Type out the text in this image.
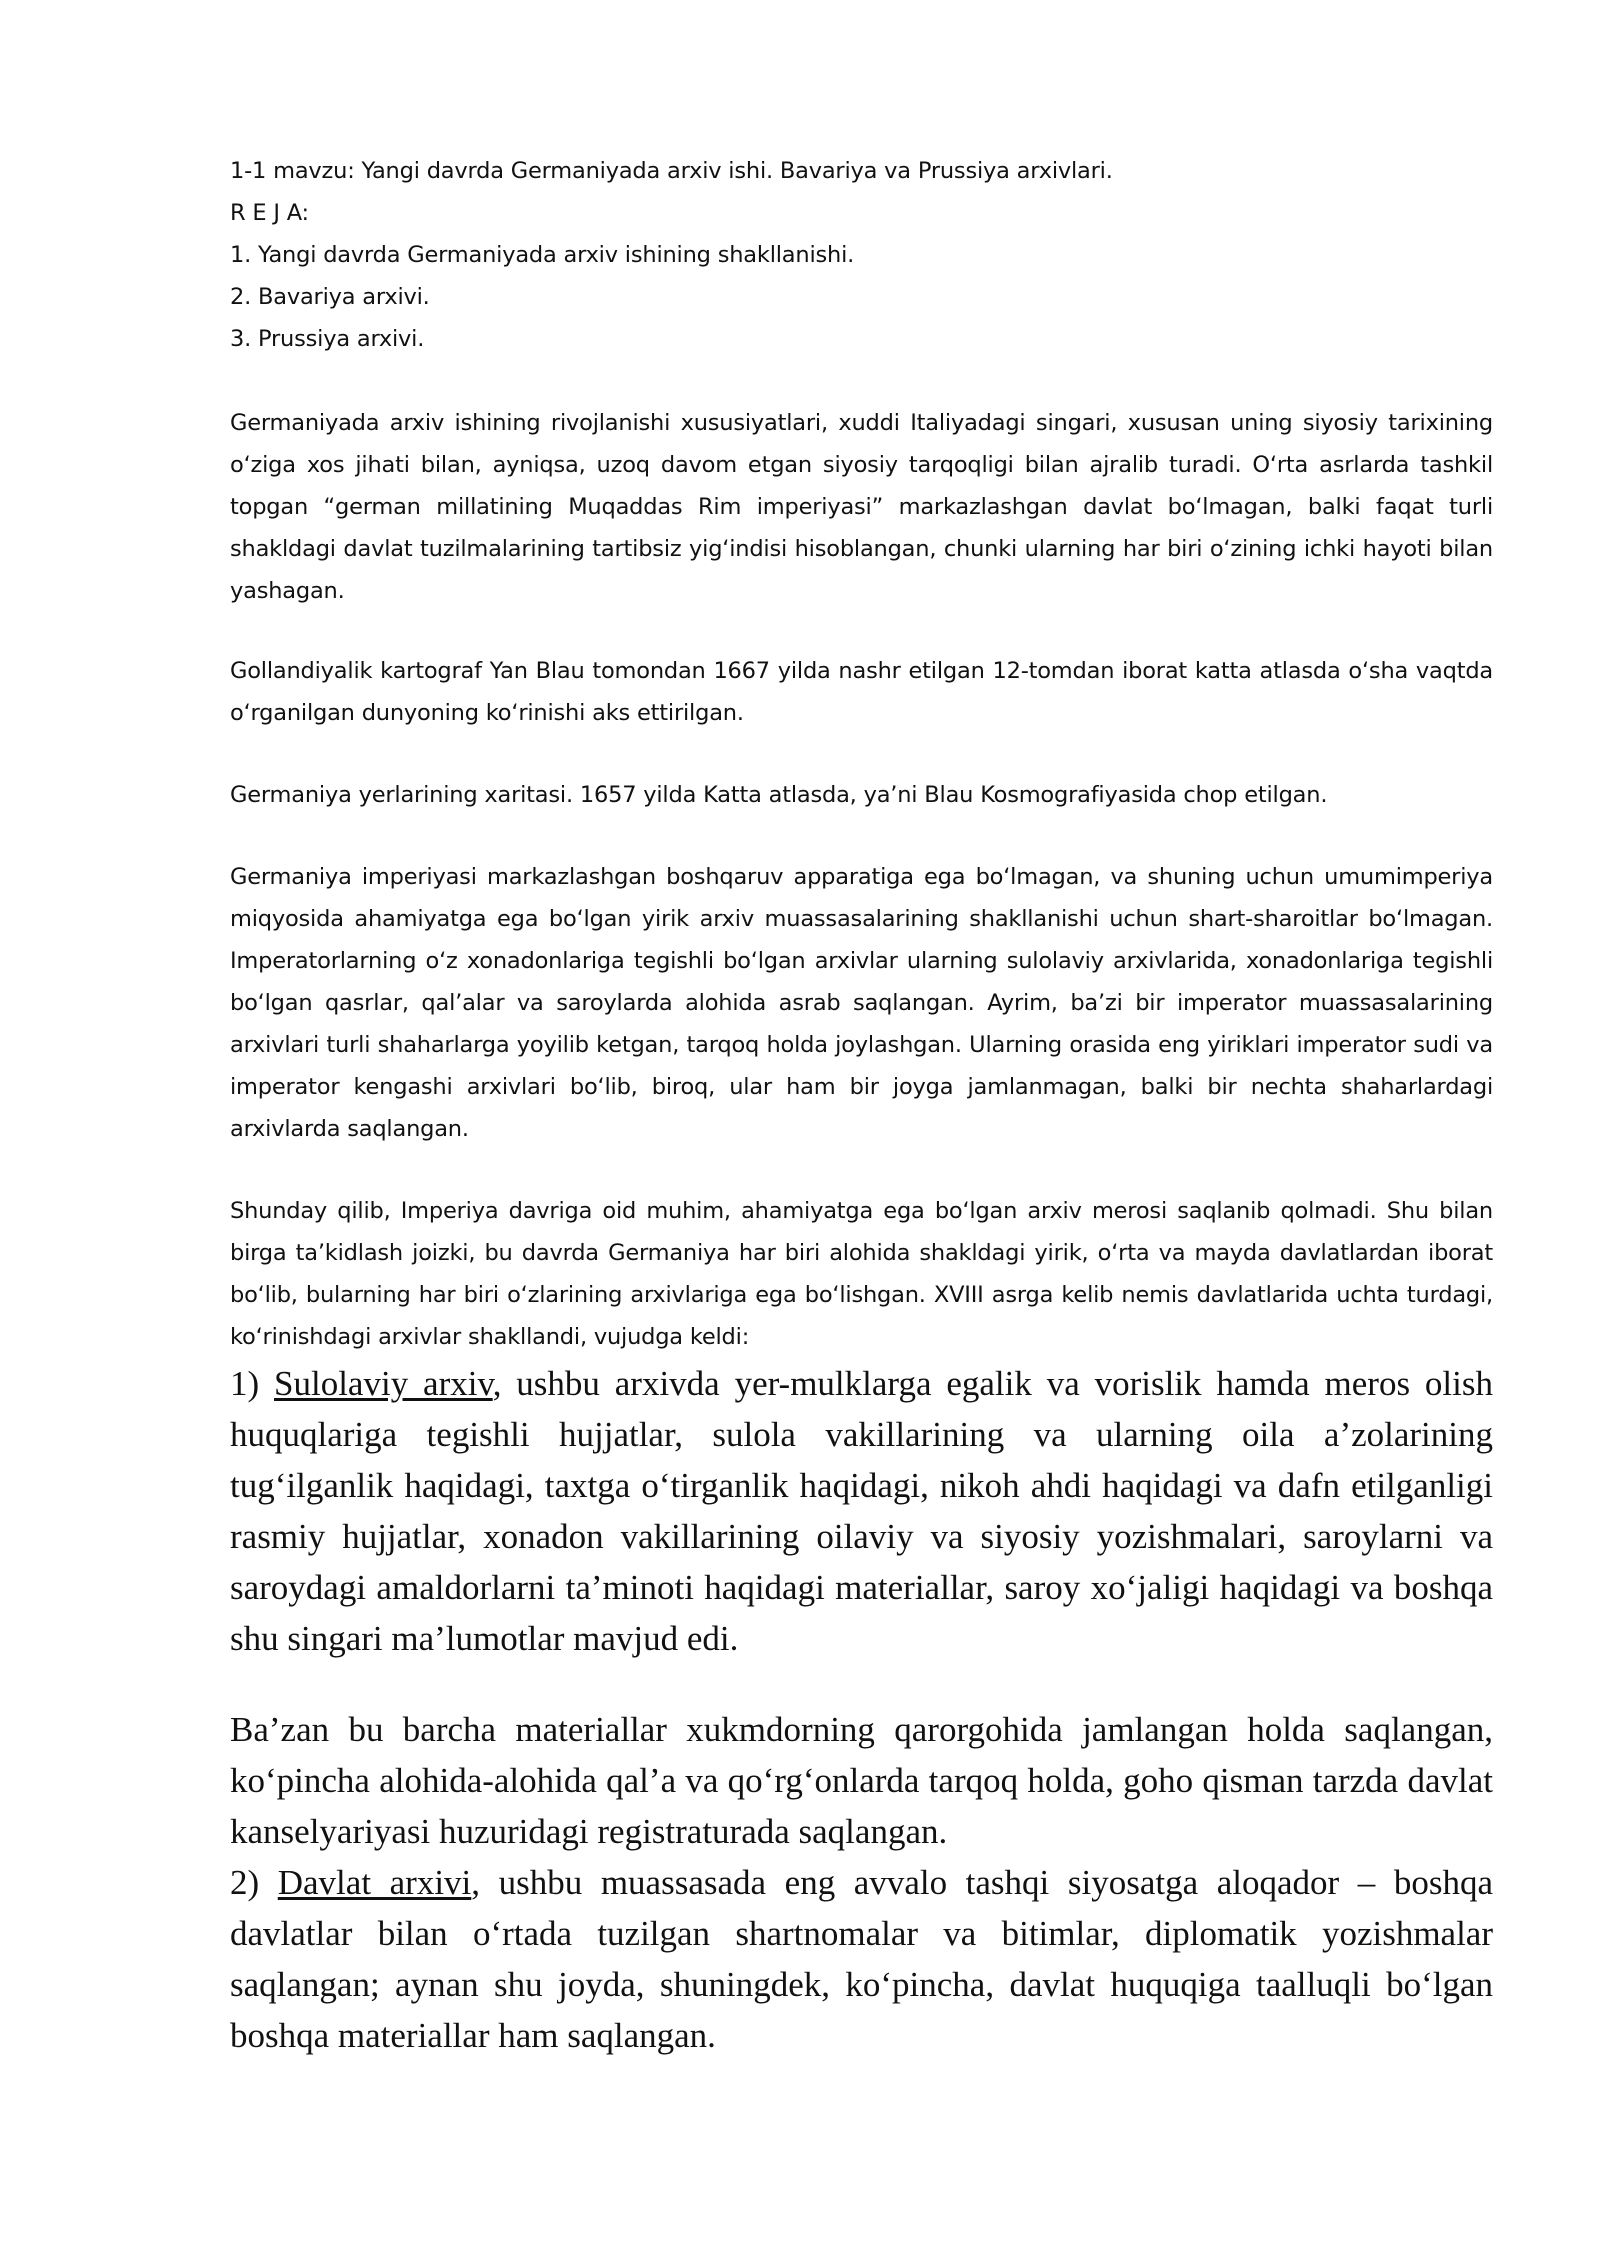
1-1 mavzu: Yangi davrda Germaniyada arxiv ishi. Bavariya va Prussiya arxivlari.

R E J A:

1. Yangi davrda Germaniyada arxiv ishining shakllanishi.

2. Bavariya arxivi.

3. Prussiya arxivi.

Germaniyada arxiv ishining rivojlanishi xususiyatlari, xuddi Italiyadagi singari, xususan uning siyosiy tarixining o‘ziga xos jihati bilan, ayniqsa, uzoq davom etgan siyosiy tarqoqligi bilan ajralib turadi. O‘rta asrlarda tashkil topgan “german millatining Muqaddas Rim imperiyasi” markazlashgan davlat bo‘lmagan, balki faqat turli shakldagi davlat tuzilmalarining tartibsiz yig‘indisi hisoblangan, chunki ularning har biri o‘zining ichki hayoti bilan yashagan.

Gollandiyalik kartograf Yan Blau tomondan 1667 yilda nashr etilgan 12-tomdan iborat katta atlasda o‘sha vaqtda o‘rganilgan dunyoning ko‘rinishi aks ettirilgan.

Germaniya yerlarining xaritasi. 1657 yilda Katta atlasda, ya’ni Blau Kosmografiyasida chop etilgan.

Germaniya imperiyasi markazlashgan boshqaruv apparatiga ega bo‘lmagan, va shuning uchun umumimperiya miqyosida ahamiyatga ega bo‘lgan yirik arxiv muassasalarining shakllanishi uchun shart-sharoitlar bo‘lmagan. Imperatorlarning o‘z xonadonlariga tegishli bo‘lgan arxivlar ularning sulolaviy arxivlarida, xonadonlariga tegishli bo‘lgan qasrlar, qal’alar va saroylarda alohida asrab saqlangan. Ayrim, ba’zi bir imperator muassasalarining arxivlari turli shaharlarga yoyilib ketgan, tarqoq holda joylashgan. Ularning orasida eng yiriklari imperator sudi va imperator kengashi arxivlari bo‘lib, biroq, ular ham bir joyga jamlanmagan, balki bir nechta shaharlardagi arxivlarda saqlangan.

Shunday qilib, Imperiya davriga oid muhim, ahamiyatga ega bo‘lgan arxiv merosi saqlanib qolmadi. Shu bilan birga ta’kidlash joizki, bu davrda Germaniya har biri alohida shakldagi yirik, o‘rta va mayda davlatlardan iborat bo‘lib, bularning har biri o‘zlarining arxivlariga ega bo‘lishgan. XVIII asrga kelib nemis davlatlarida uchta turdagi, ko‘rinishdagi arxivlar shakllandi, vujudga keldi:

1) Sulolaviy arxiv, ushbu arxivda yer-mulklarga egalik va vorislik hamda meros olish huquqlariga tegishli hujjatlar, sulola vakillarining va ularning oila a’zolarining tug‘ilganlik haqidagi, taxtga o‘tirganlik haqidagi, nikoh ahdi haqidagi va dafn etilganligi rasmiy hujjatlar, xonadon vakillarining oilaviy va siyosiy yozishmalari, saroylarni va saroydagi amaldorlarni ta’minoti haqidagi materiallar, saroy xo‘jaligi haqidagi va boshqa shu singari ma’lumotlar mavjud edi.

Ba’zan bu barcha materiallar xukmdorning qarorgohida jamlangan holda saqlangan, ko‘pincha alohida-alohida qal’a va qo‘rg‘onlarda tarqoq holda, goho qisman tarzda davlat kanselyariyasi huzuridagi registraturada saqlangan.

2) Davlat arxivi, ushbu muassasada eng avvalo tashqi siyosatga aloqador – boshqa davlatlar bilan o‘rtada tuzilgan shartnomalar va bitimlar, diplomatik yozishmalar saqlangan; aynan shu joyda, shuningdek, ko‘pincha, davlat huquqiga taalluqli bo‘lgan boshqa materiallar ham saqlangan.
